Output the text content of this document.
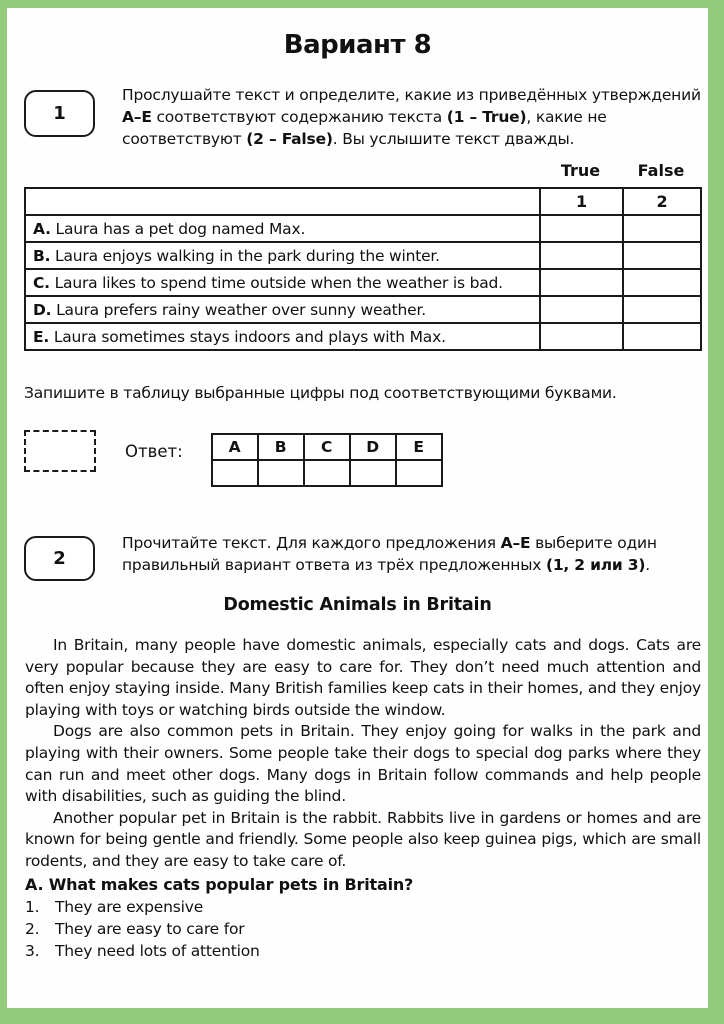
Вариант 8
1
Прослушайте текст и определите, какие из приведённых утверждений А–Е соответствуют содержанию текста (1 – True), какие не соответствуют (2 – False). Вы услышите текст дважды.
True	False
	1	2
A. Laura has a pet dog named Max.		
B. Laura enjoys walking in the park during the winter.		
C. Laura likes to spend time outside when the weather is bad.		
D. Laura prefers rainy weather over sunny weather.		
E. Laura sometimes stays indoors and plays with Max.		
Запишите в таблицу выбранные цифры под соответствующими буквами.
Ответ:	A	B	C	D	E

2
Прочитайте текст. Для каждого предложения А–Е выберите один правильный вариант ответа из трёх предложенных (1, 2 или 3).
Domestic Animals in Britain

In Britain, many people have domestic animals, especially cats and dogs. Cats are very popular because they are easy to care for. They don’t need much attention and often enjoy staying inside. Many British families keep cats in their homes, and they enjoy playing with toys or watching birds outside the window.

Dogs are also common pets in Britain. They enjoy going for walks in the park and playing with their owners. Some people take their dogs to special dog parks where they can run and meet other dogs. Many dogs in Britain follow commands and help people with disabilities, such as guiding the blind.

Another popular pet in Britain is the rabbit. Rabbits live in gardens or homes and are known for being gentle and friendly. Some people also keep guinea pigs, which are small rodents, and they are easy to take care of.

A. What makes cats popular pets in Britain?
1.	They are expensive
2.	They are easy to care for
3.	They need lots of attention
